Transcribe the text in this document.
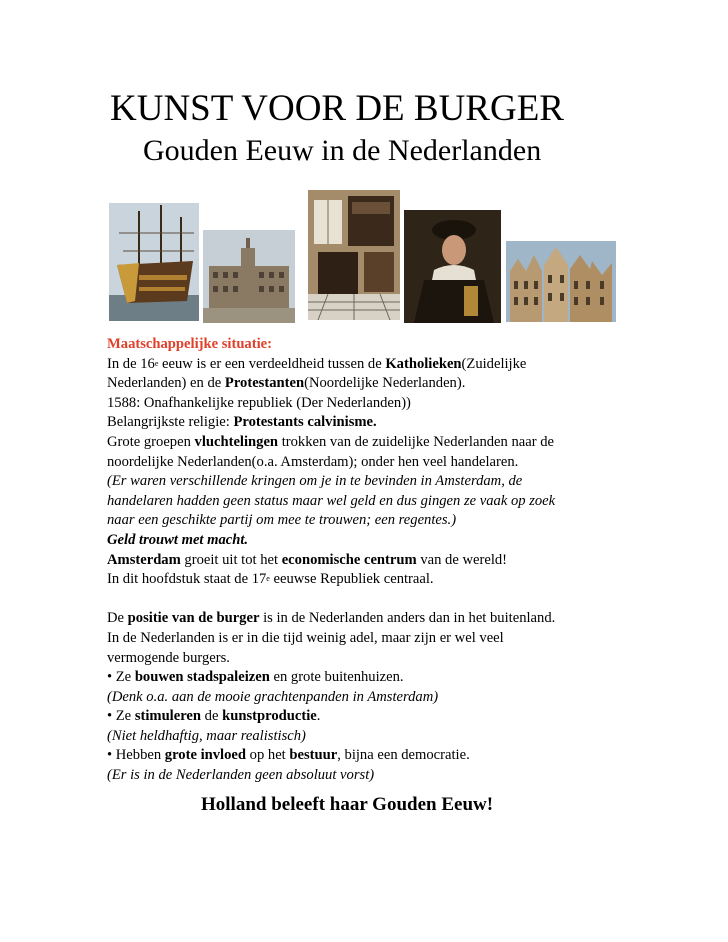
KUNST VOOR DE BURGER
Gouden Eeuw in de Nederlanden

Maatschappelijke situatie:

In de 16e eeuw is er een verdeeldheid tussen de Katholieken(Zuidelijke

Nederlanden) en de Protestanten(Noordelijke Nederlanden).

1588: Onafhankelijke republiek (Der Nederlanden))

Belangrijkste religie: Protestants calvinisme.

Grote groepen vluchtelingen trokken van de zuidelijke Nederlanden naar de

noordelijke Nederlanden(o.a. Amsterdam); onder hen veel handelaren.

(Er waren verschillende kringen om je in te bevinden in Amsterdam, de

handelaren hadden geen status maar wel geld en dus gingen ze vaak op zoek

naar een geschikte partij om mee te trouwen; een regentes.)

Geld trouwt met macht.

Amsterdam groeit uit tot het economische centrum van de wereld!

In dit hoofdstuk staat de 17e eeuwse Republiek centraal.

De positie van de burger is in de Nederlanden anders dan in het buitenland.

In de Nederlanden is er in die tijd weinig adel, maar zijn er wel veel

vermogende burgers.

• Ze bouwen stadspaleizen en grote buitenhuizen.

(Denk o.a. aan de mooie grachtenpanden in Amsterdam)

• Ze stimuleren de kunstproductie.

(Niet heldhaftig, maar realistisch)

• Hebben grote invloed op het bestuur, bijna een democratie.

(Er is in de Nederlanden geen absoluut vorst)

Holland beleeft haar Gouden Eeuw!
